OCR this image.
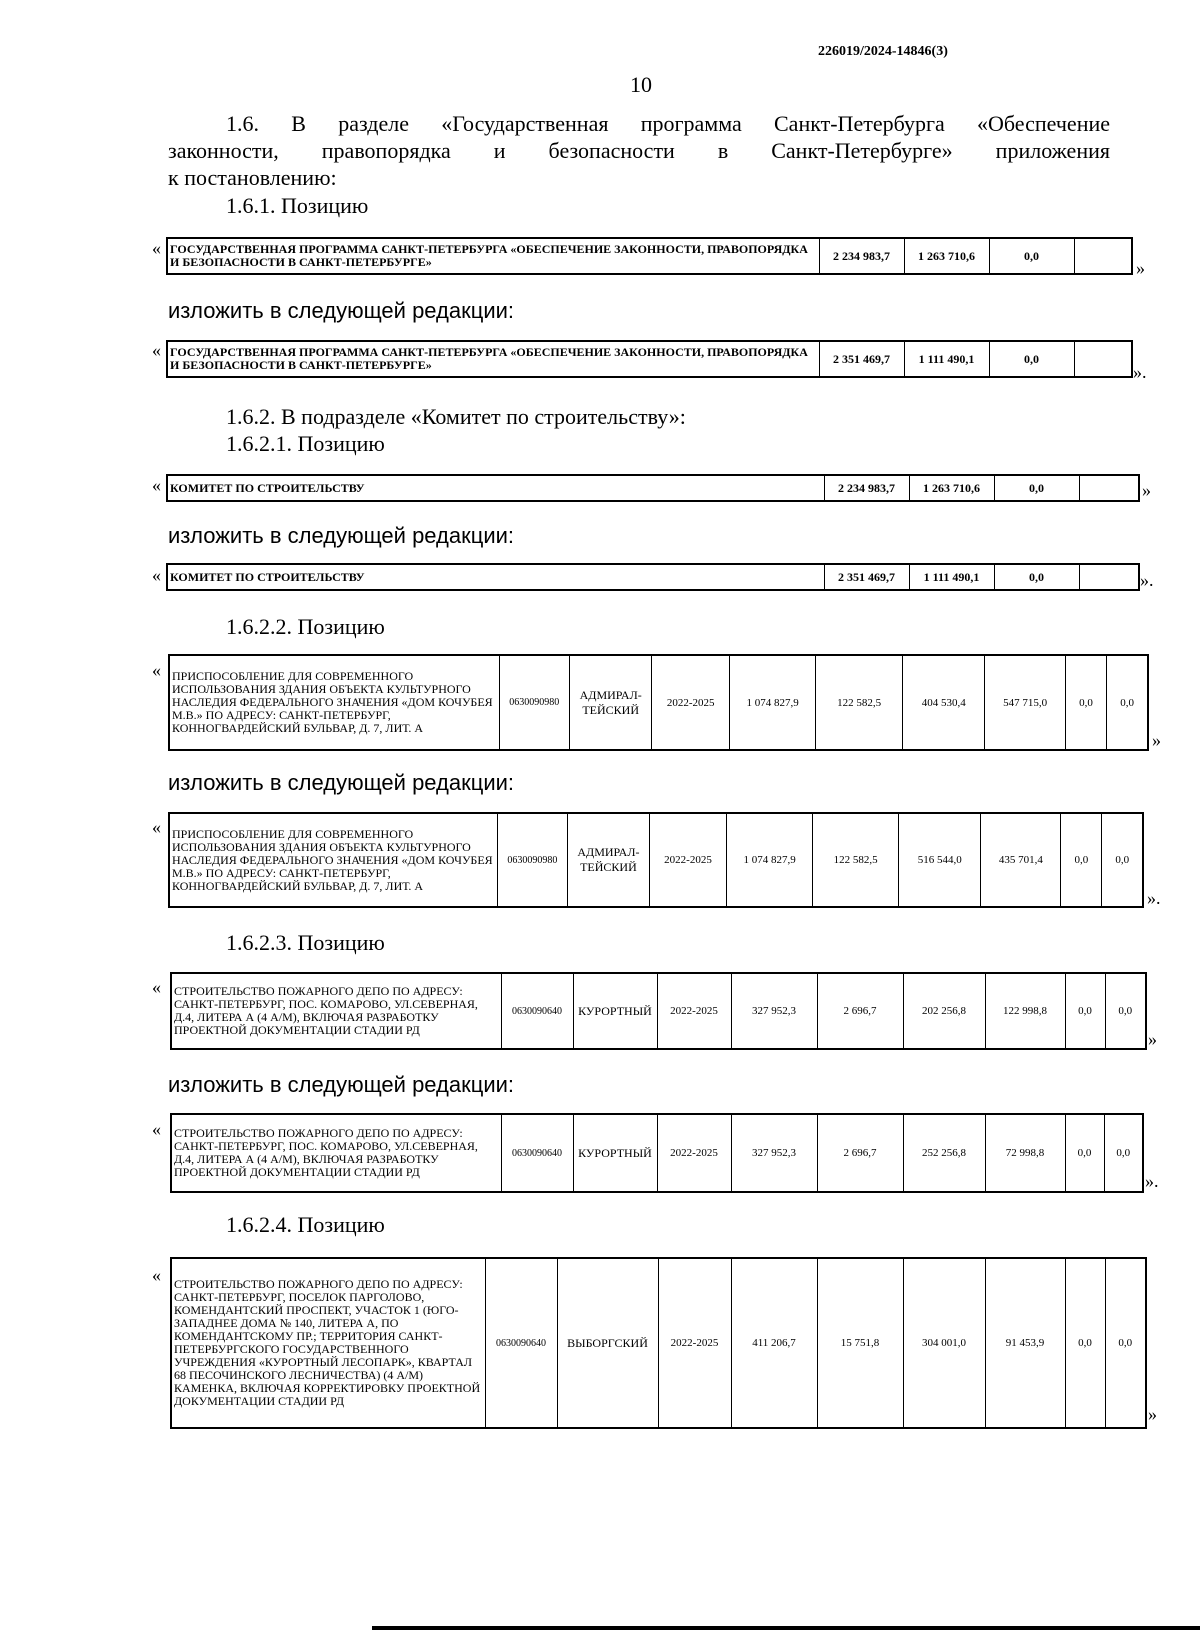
226019/2024-14846(3)
10
1.6. В разделе «Государственная программа Санкт-Петербурга «Обеспечение
законности, правопорядка и безопасности в Санкт-Петербурге» приложения
к постановлению:
1.6.1. Позицию
« ГОСУДАРСТВЕННАЯ ПРОГРАММА САНКТ-ПЕТЕРБУРГА «ОБЕСПЕЧЕНИЕ ЗАКОННОСТИ, ПРАВОПОРЯДКА И БЕЗОПАСНОСТИ В САНКТ-ПЕТЕРБУРГЕ»	2 234 983,7	1 263 710,6	0,0	
»
изложить в следующей редакции:
« ГОСУДАРСТВЕННАЯ ПРОГРАММА САНКТ-ПЕТЕРБУРГА «ОБЕСПЕЧЕНИЕ ЗАКОННОСТИ, ПРАВОПОРЯДКА И БЕЗОПАСНОСТИ В САНКТ-ПЕТЕРБУРГЕ»	2 351 469,7	1 111 490,1	0,0	
».
1.6.2. В подразделе «Комитет по строительству»:
1.6.2.1. Позицию
« КОМИТЕТ ПО СТРОИТЕЛЬСТВУ	2 234 983,7	1 263 710,6	0,0		»
изложить в следующей редакции:
« КОМИТЕТ ПО СТРОИТЕЛЬСТВУ	2 351 469,7	1 111 490,1	0,0		».
1.6.2.2. Позицию
« ПРИСПОСОБЛЕНИЕ ДЛЯ СОВРЕМЕННОГО ИСПОЛЬЗОВАНИЯ ЗДАНИЯ ОБЪЕКТА КУЛЬТУРНОГО НАСЛЕДИЯ ФЕДЕРАЛЬНОГО ЗНАЧЕНИЯ «ДОМ КОЧУБЕЯ М.В.» ПО АДРЕСУ: САНКТ-ПЕТЕРБУРГ, КОННОГВАРДЕЙСКИЙ БУЛЬВАР, Д. 7, ЛИТ. А	0630090980	АДМИРАЛ-ТЕЙСКИЙ	2022-2025	1 074 827,9	122 582,5	404 530,4	547 715,0	0,0	0,0
»
изложить в следующей редакции:
« ПРИСПОСОБЛЕНИЕ ДЛЯ СОВРЕМЕННОГО ИСПОЛЬЗОВАНИЯ ЗДАНИЯ ОБЪЕКТА КУЛЬТУРНОГО НАСЛЕДИЯ ФЕДЕРАЛЬНОГО ЗНАЧЕНИЯ «ДОМ КОЧУБЕЯ М.В.» ПО АДРЕСУ: САНКТ-ПЕТЕРБУРГ, КОННОГВАРДЕЙСКИЙ БУЛЬВАР, Д. 7, ЛИТ. А	0630090980	АДМИРАЛ-ТЕЙСКИЙ	2022-2025	1 074 827,9	122 582,5	516 544,0	435 701,4	0,0	0,0
».
1.6.2.3. Позицию
« СТРОИТЕЛЬСТВО ПОЖАРНОГО ДЕПО ПО АДРЕСУ: САНКТ-ПЕТЕРБУРГ, ПОС. КОМАРОВО, УЛ.СЕВЕРНАЯ, Д.4, ЛИТЕРА А (4 А/М), ВКЛЮЧАЯ РАЗРАБОТКУ ПРОЕКТНОЙ ДОКУМЕНТАЦИИ СТАДИИ РД	0630090640	КУРОРТНЫЙ	2022-2025	327 952,3	2 696,7	202 256,8	122 998,8	0,0	0,0
»
изложить в следующей редакции:
« СТРОИТЕЛЬСТВО ПОЖАРНОГО ДЕПО ПО АДРЕСУ: САНКТ-ПЕТЕРБУРГ, ПОС. КОМАРОВО, УЛ.СЕВЕРНАЯ, Д.4, ЛИТЕРА А (4 А/М), ВКЛЮЧАЯ РАЗРАБОТКУ ПРОЕКТНОЙ ДОКУМЕНТАЦИИ СТАДИИ РД	0630090640	КУРОРТНЫЙ	2022-2025	327 952,3	2 696,7	252 256,8	72 998,8	0,0	0,0
».
1.6.2.4. Позицию
« СТРОИТЕЛЬСТВО ПОЖАРНОГО ДЕПО ПО АДРЕСУ: САНКТ-ПЕТЕРБУРГ, ПОСЕЛОК ПАРГОЛОВО, КОМЕНДАНТСКИЙ ПРОСПЕКТ, УЧАСТОК 1 (ЮГО-ЗАПАДНЕЕ ДОМА № 140, ЛИТЕРА А, ПО КОМЕНДАНТСКОМУ ПР.; ТЕРРИТОРИЯ САНКТ-ПЕТЕРБУРГСКОГО ГОСУДАРСТВЕННОГО УЧРЕЖДЕНИЯ «КУРОРТНЫЙ ЛЕСОПАРК», КВАРТАЛ 68 ПЕСОЧИНСКОГО ЛЕСНИЧЕСТВА) (4 А/М) КАМЕНКА, ВКЛЮЧАЯ КОРРЕКТИРОВКУ ПРОЕКТНОЙ ДОКУМЕНТАЦИИ СТАДИИ РД	0630090640	ВЫБОРГСКИЙ	2022-2025	411 206,7	15 751,8	304 001,0	91 453,9	0,0	0,0
»
